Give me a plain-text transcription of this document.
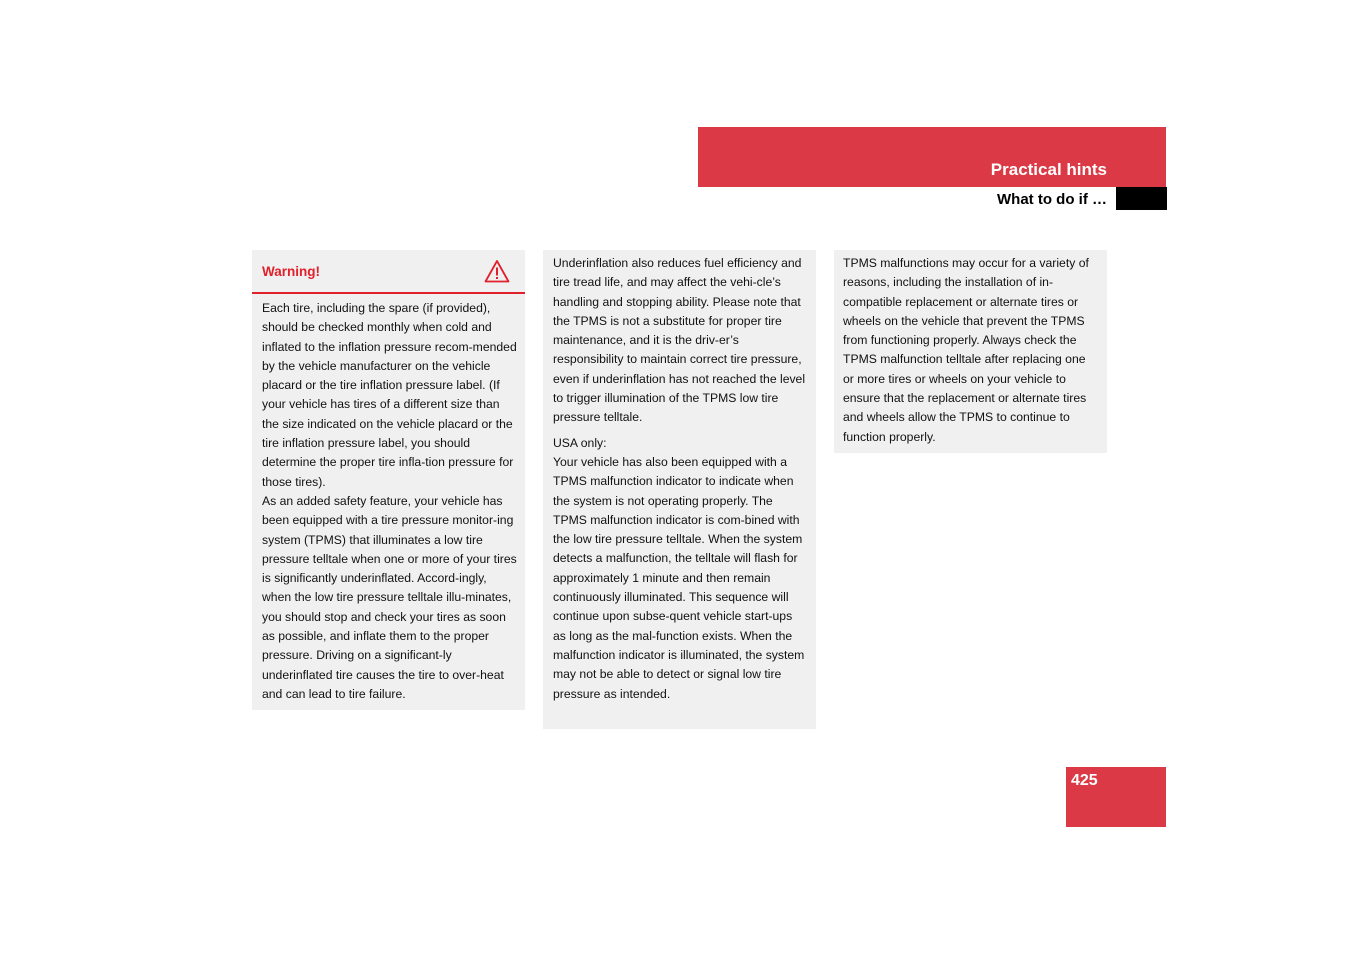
Practical hints
What to do if …
Warning!

Each tire, including the spare (if provided), should be checked monthly when cold and inflated to the inflation pressure recom-mended by the vehicle manufacturer on the vehicle placard or the tire inflation pressure label. (If your vehicle has tires of a different size than the size indicated on the vehicle placard or the tire inflation pressure label, you should determine the proper tire infla-tion pressure for those tires).

As an added safety feature, your vehicle has been equipped with a tire pressure monitor-ing system (TPMS) that illuminates a low tire pressure telltale when one or more of your tires is significantly underinflated. Accord-ingly, when the low tire pressure telltale illu-minates, you should stop and check your tires as soon as possible, and inflate them to the proper pressure. Driving on a significant-ly underinflated tire causes the tire to over-heat and can lead to tire failure.

Underinflation also reduces fuel efficiency and tire tread life, and may affect the vehi-cle’s handling and stopping ability. Please note that the TPMS is not a substitute for proper tire maintenance, and it is the driv-er’s responsibility to maintain correct tire pressure, even if underinflation has not reached the level to trigger illumination of the TPMS low tire pressure telltale.

USA only:

Your vehicle has also been equipped with a TPMS malfunction indicator to indicate when the system is not operating properly. The TPMS malfunction indicator is com-bined with the low tire pressure telltale. When the system detects a malfunction, the telltale will flash for approximately 1 minute and then remain continuously illuminated. This sequence will continue upon subse-quent vehicle start-ups as long as the mal-function exists. When the malfunction indicator is illuminated, the system may not be able to detect or signal low tire pressure as intended.

TPMS malfunctions may occur for a variety of reasons, including the installation of in-compatible replacement or alternate tires or wheels on the vehicle that prevent the TPMS from functioning properly. Always check the TPMS malfunction telltale after replacing one or more tires or wheels on your vehicle to ensure that the replacement or alternate tires and wheels allow the TPMS to continue to function properly.

425
